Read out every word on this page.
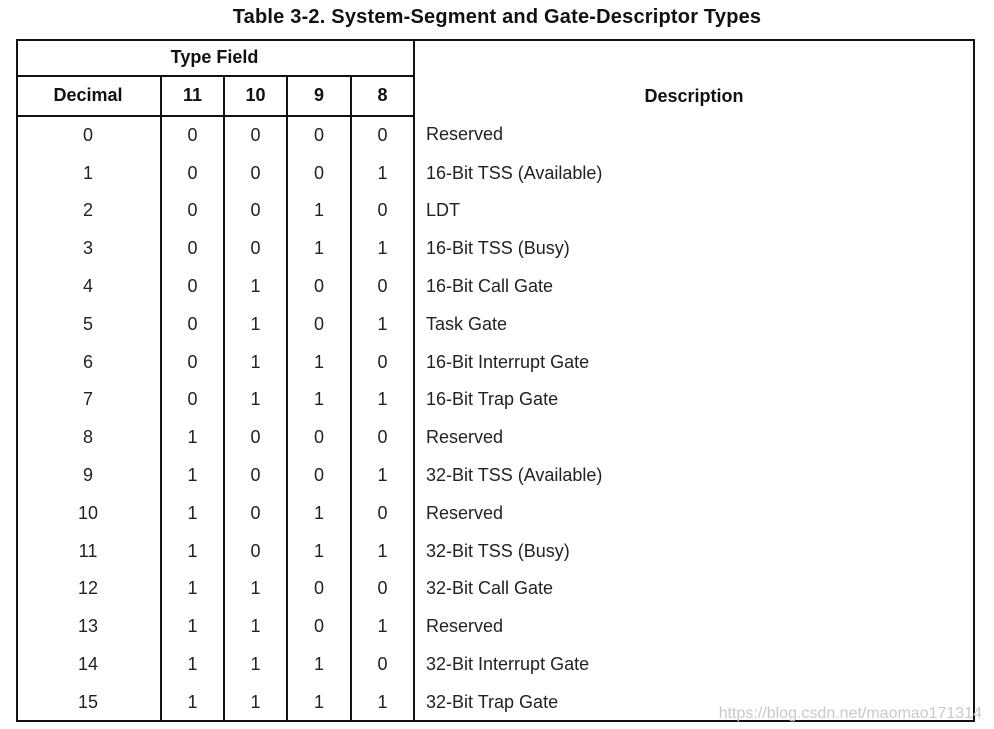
Table 3-2. System-Segment and Gate-Descriptor Types
Type Field					Description
Decimal	11	10	9	8	
0	0	0	0	0	Reserved
1	0	0	0	1	16-Bit TSS (Available)
2	0	0	1	0	LDT
3	0	0	1	1	16-Bit TSS (Busy)
4	0	1	0	0	16-Bit Call Gate
5	0	1	0	1	Task Gate
6	0	1	1	0	16-Bit Interrupt Gate
7	0	1	1	1	16-Bit Trap Gate
8	1	0	0	0	Reserved
9	1	0	0	1	32-Bit TSS (Available)
10	1	0	1	0	Reserved
11	1	0	1	1	32-Bit TSS (Busy)
12	1	1	0	0	32-Bit Call Gate
13	1	1	0	1	Reserved
14	1	1	1	0	32-Bit Interrupt Gate
15	1	1	1	1	32-Bit Trap Gate
https://blog.csdn.net/maomao171314
